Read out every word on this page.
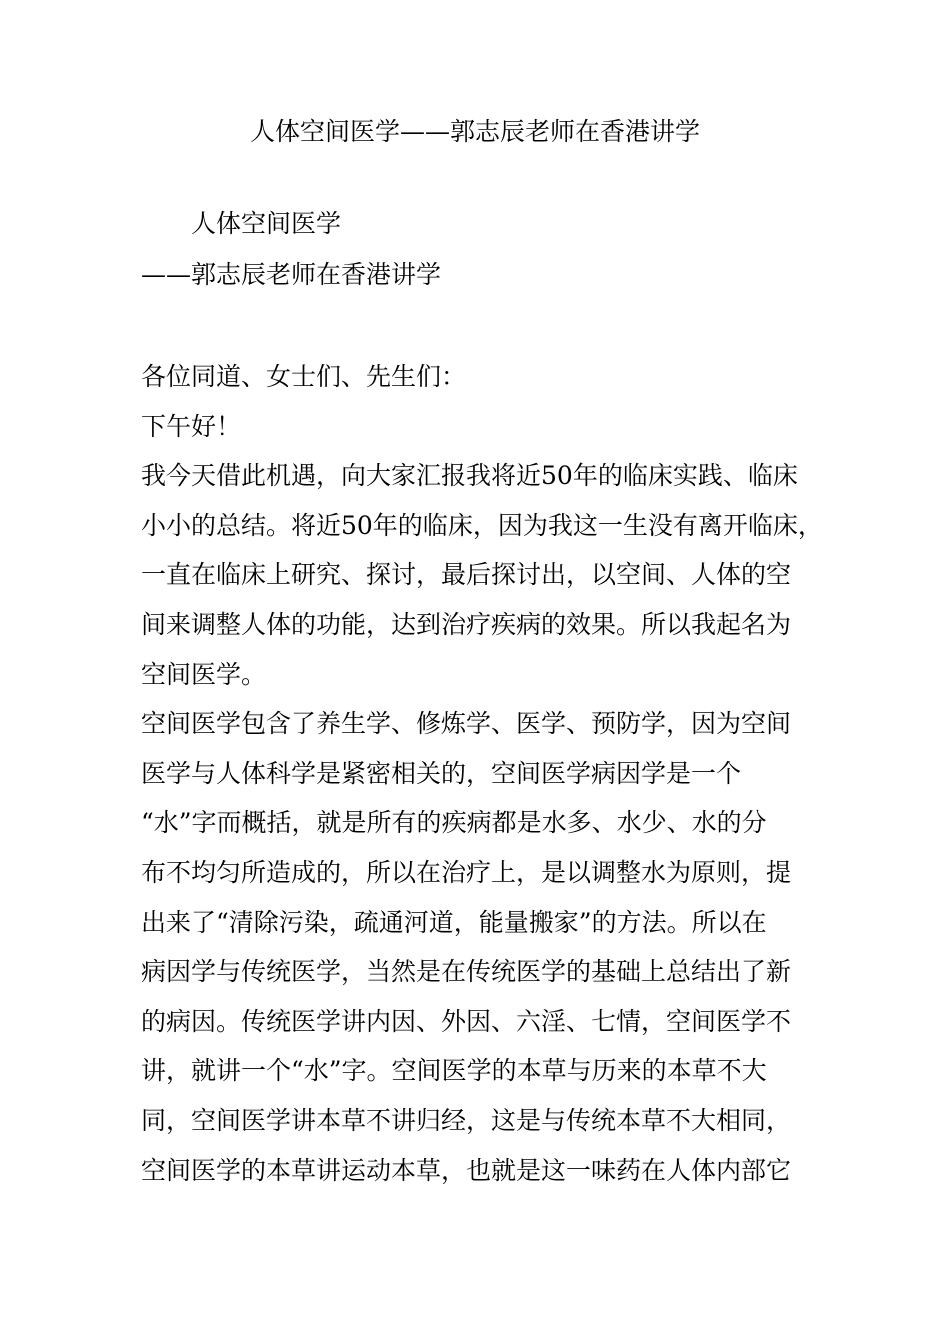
人体空间医学——郭志辰老师在香港讲学
人体空间医学
——郭志辰老师在香港讲学
各位同道、女士们、先生们：
下午好！
我今天借此机遇，向大家汇报我将近50年的临床实践、临床
小小的总结。将近50年的临床，因为我这一生没有离开临床，
一直在临床上研究、探讨，最后探讨出，以空间、人体的空
间来调整人体的功能，达到治疗疾病的效果。所以我起名为
空间医学。
空间医学包含了养生学、修炼学、医学、预防学，因为空间
医学与人体科学是紧密相关的，空间医学病因学是一个
“水”字而概括，就是所有的疾病都是水多、水少、水的分
布不均匀所造成的，所以在治疗上，是以调整水为原则，提
出来了“清除污染，疏通河道，能量搬家”的方法。所以在
病因学与传统医学，当然是在传统医学的基础上总结出了新
的病因。传统医学讲内因、外因、六淫、七情，空间医学不
讲，就讲一个“水”字。空间医学的本草与历来的本草不大
同，空间医学讲本草不讲归经，这是与传统本草不大相同，
空间医学的本草讲运动本草，也就是这一味药在人体内部它
